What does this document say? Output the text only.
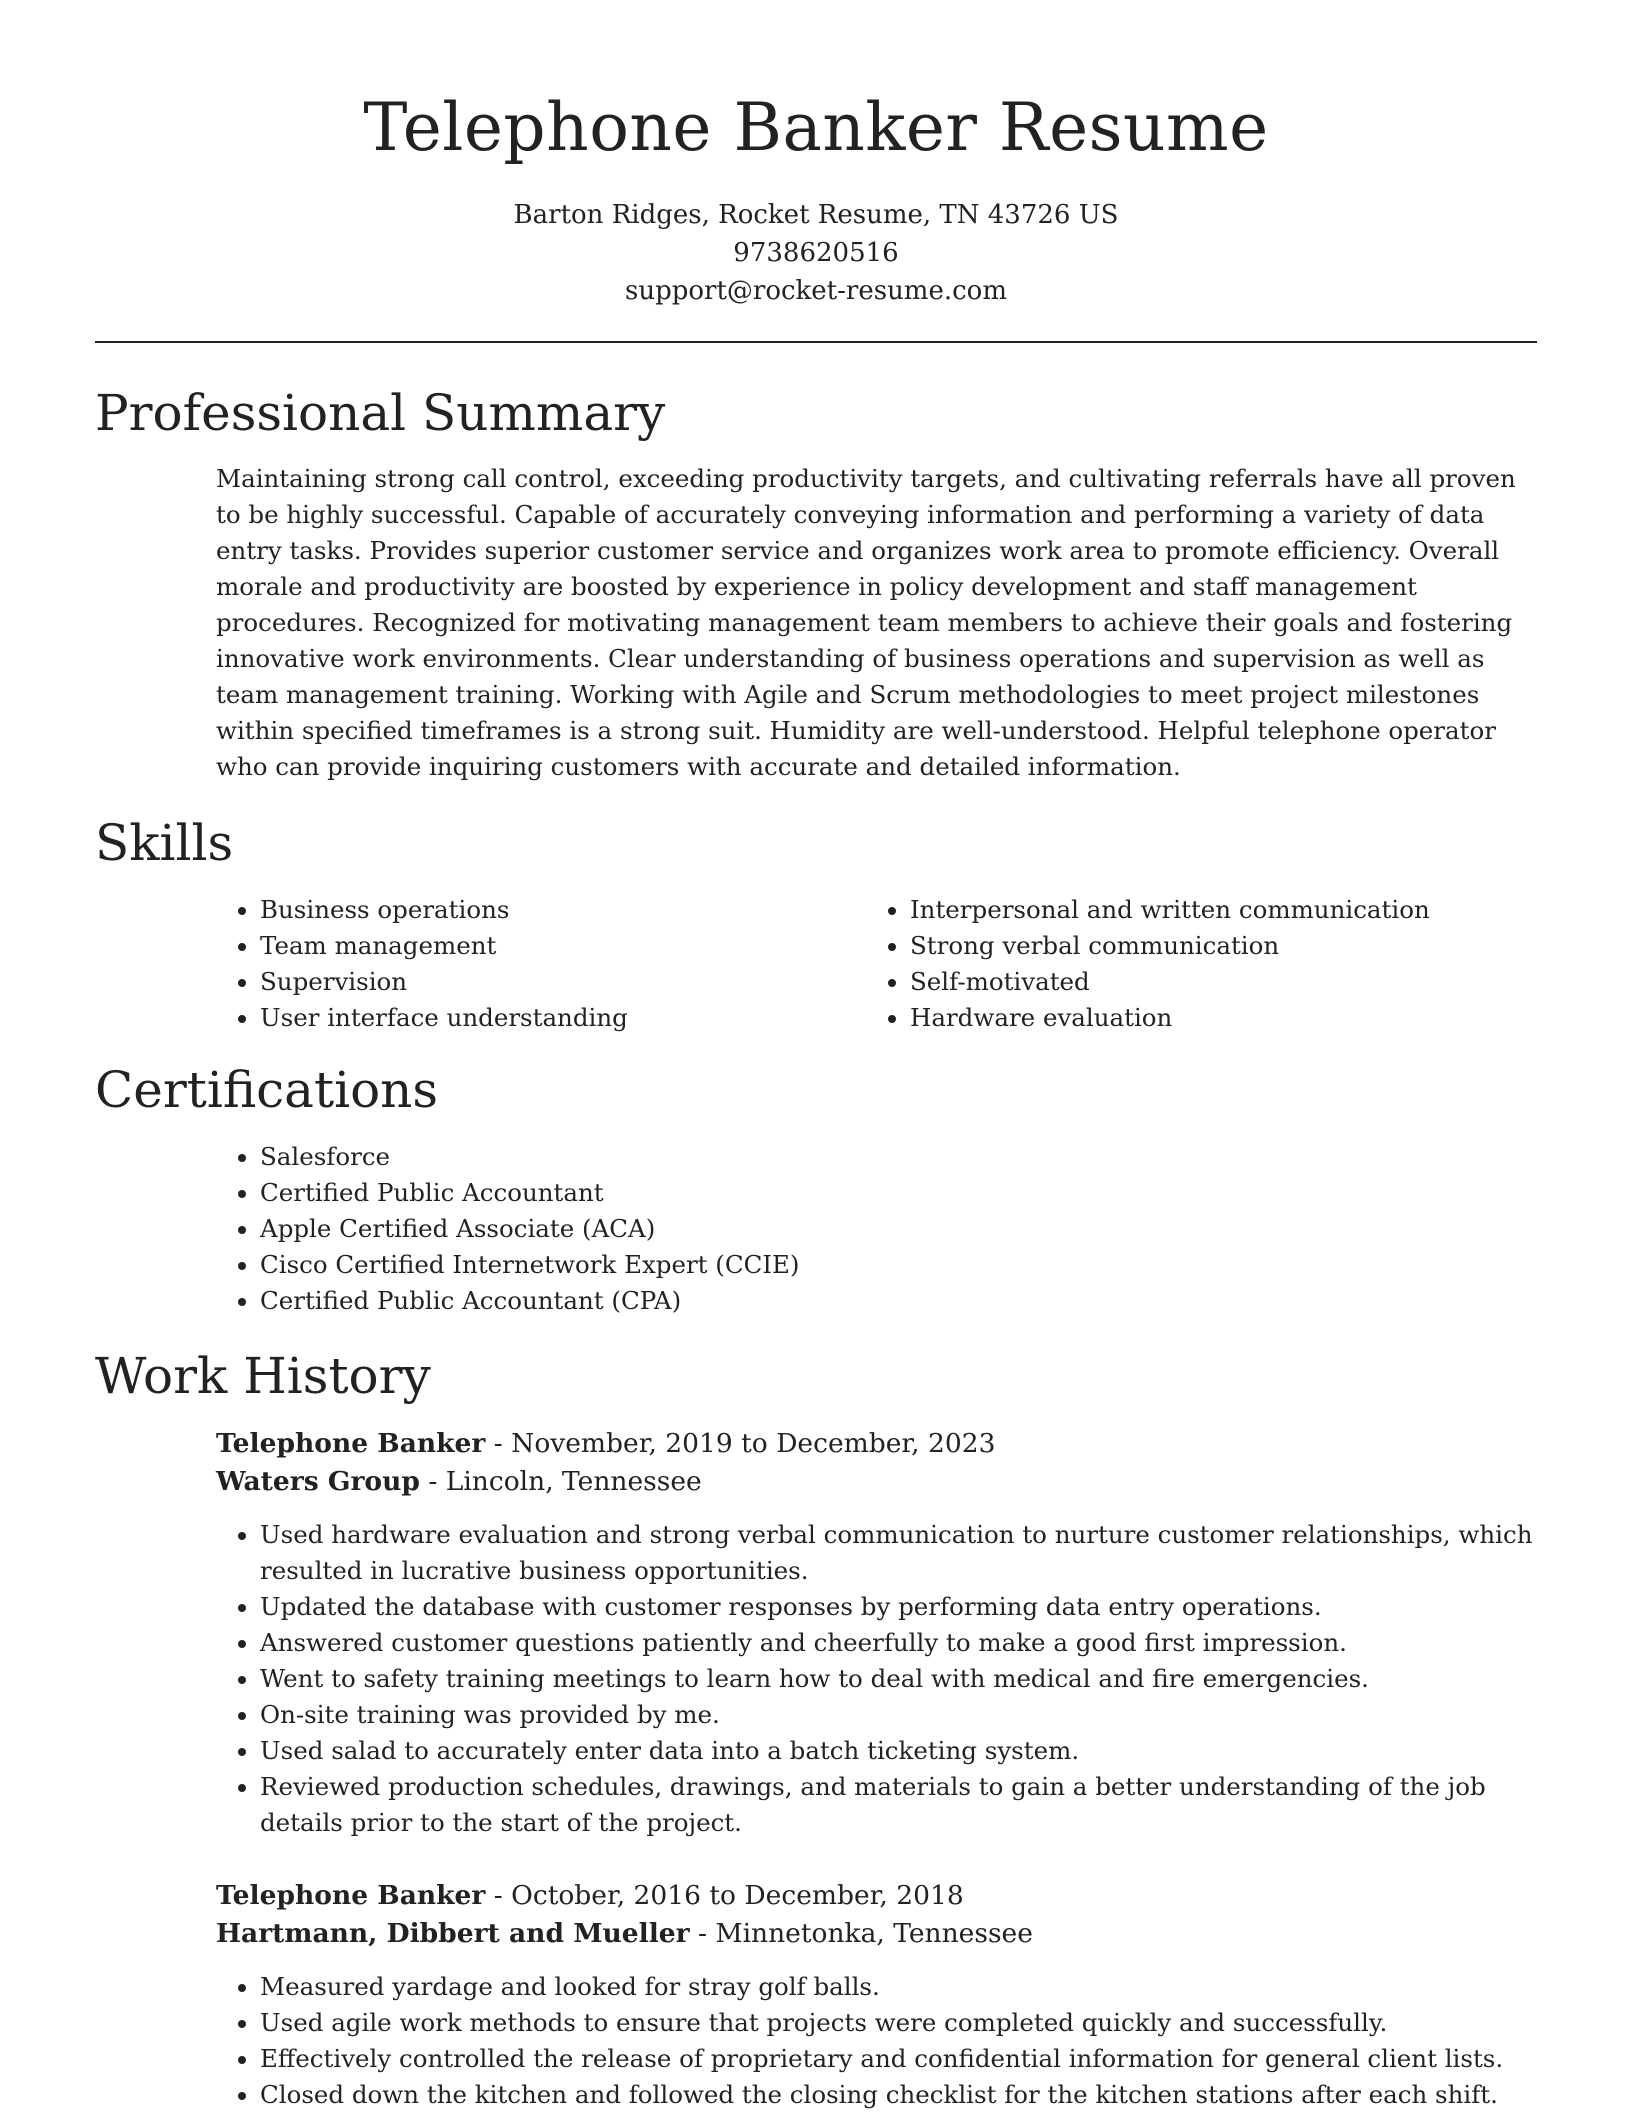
Telephone Banker Resume
Barton Ridges, Rocket Resume, TN 43726 US
9738620516
support@rocket-resume.com
Professional Summary

Maintaining strong call control, exceeding productivity targets, and cultivating referrals have all proven to be highly successful. Capable of accurately conveying information and performing a variety of data entry tasks. Provides superior customer service and organizes work area to promote efficiency. Overall morale and productivity are boosted by experience in policy development and staff management procedures. Recognized for motivating management team members to achieve their goals and fostering innovative work environments. Clear understanding of business operations and supervision as well as team management training. Working with Agile and Scrum methodologies to meet project milestones within specified timeframes is a strong suit. Humidity are well-understood. Helpful telephone operator who can provide inquiring customers with accurate and detailed information.

Skills
• Business operations
• Team management
• Supervision
• User interface understanding
• Interpersonal and written communication
• Strong verbal communication
• Self-motivated
• Hardware evaluation
Certifications
• Salesforce
• Certified Public Accountant
• Apple Certified Associate (ACA)
• Cisco Certified Internetwork Expert (CCIE)
• Certified Public Accountant (CPA)
Work History
Telephone Banker - November, 2019 to December, 2023
Waters Group - Lincoln, Tennessee
• Used hardware evaluation and strong verbal communication to nurture customer relationships, which resulted in lucrative business opportunities.
• Updated the database with customer responses by performing data entry operations.
• Answered customer questions patiently and cheerfully to make a good first impression.
• Went to safety training meetings to learn how to deal with medical and fire emergencies.
• On-site training was provided by me.
• Used salad to accurately enter data into a batch ticketing system.
• Reviewed production schedules, drawings, and materials to gain a better understanding of the job details prior to the start of the project.
Telephone Banker - October, 2016 to December, 2018
Hartmann, Dibbert and Mueller - Minnetonka, Tennessee
• Measured yardage and looked for stray golf balls.
• Used agile work methods to ensure that projects were completed quickly and successfully.
• Effectively controlled the release of proprietary and confidential information for general client lists.
• Closed down the kitchen and followed the closing checklist for the kitchen stations after each shift.
